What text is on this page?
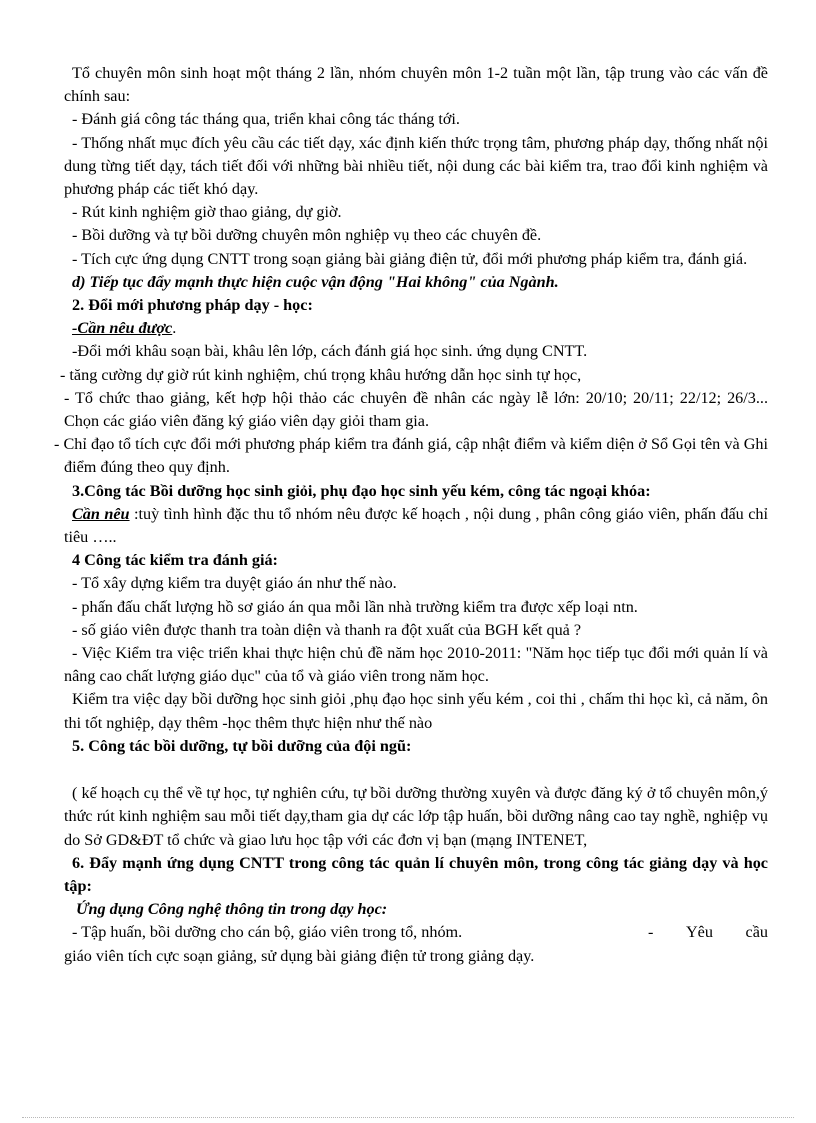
Tổ chuyên môn sinh hoạt một tháng 2 lần, nhóm chuyên môn 1-2 tuần một lần, tập trung vào các vấn đề chính sau:

- Đánh giá công tác tháng qua, triển khai công tác tháng tới.

- Thống nhất mục đích yêu cầu các tiết dạy, xác định kiến thức trọng tâm, phương pháp dạy, thống nhất nội dung từng tiết dạy, tách tiết đối với những bài nhiều tiết, nội dung các bài kiểm tra, trao đổi kinh nghiệm và phương pháp các tiết khó dạy.

- Rút kinh nghiệm giờ thao giảng, dự giờ.

- Bồi dưỡng và tự bồi dưỡng chuyên môn nghiệp vụ theo các chuyên đề.

- Tích cực ứng dụng CNTT trong soạn giảng bài giảng điện tử, đổi mới phương pháp kiểm tra, đánh giá.

d) Tiếp tục đẩy mạnh thực hiện cuộc vận động "Hai không" của Ngành.

2. Đổi mới phương pháp dạy - học:

-Cần nêu được.

-Đổi mới khâu soạn bài, khâu lên lớp, cách đánh giá học sinh. ứng dụng CNTT.

- tăng cường dự giờ rút kinh nghiệm, chú trọng khâu hướng dẫn học sinh tự học,

- Tổ chức thao giảng, kết hợp hội thảo các chuyên đề nhân các ngày lễ lớn: 20/10; 20/11; 22/12; 26/3... Chọn các giáo viên đăng ký giáo viên dạy giỏi tham gia.

- Chỉ đạo tổ tích cực đổi mới phương pháp kiểm tra đánh giá, cập nhật điểm và kiểm diện ở Sổ Gọi tên và Ghi điểm đúng theo quy định.

3.Công tác Bồi dưỡng học sinh giỏi, phụ đạo học sinh yếu kém, công tác ngoại khóa:

Cần nêu :tuỳ tình hình đặc thu tổ nhóm nêu được kế hoạch , nội dung , phân công giáo viên, phấn đấu chỉ tiêu …..

4 Công tác kiểm tra đánh giá:

- Tổ xây dựng kiểm tra duyệt giáo án như thế nào.

- phấn đấu chất lượng hồ sơ giáo án qua mỗi lần nhà trường kiểm tra được xếp loại ntn.

- số giáo viên được thanh tra toàn diện và thanh ra đột xuất của BGH kết quả ?

- Việc Kiểm tra việc triển khai thực hiện chủ đề năm học 2010-2011: "Năm học tiếp tục đổi mới quản lí và nâng cao chất lượng giáo dục" của tổ và giáo viên trong năm học.

Kiểm tra việc dạy bồi dưỡng học sinh giỏi ,phụ đạo học sinh yếu kém , coi thi , chấm thi học kì, cả năm, ôn thi tốt nghiệp, dạy thêm -học thêm thực hiện như thế nào

5. Công tác bồi dưỡng, tự bồi dưỡng của đội ngũ:

( kế hoạch cụ thể về tự học, tự nghiên cứu, tự bồi dưỡng thường xuyên và được đăng ký ở tổ chuyên môn,ý thức rút kinh nghiệm sau mỗi tiết dạy,tham gia dự các lớp tập huấn, bồi dưỡng nâng cao tay nghề, nghiệp vụ do Sở GD&ĐT tổ chức và giao lưu học tập với các đơn vị bạn (mạng INTENET,

6. Đẩy mạnh ứng dụng CNTT trong công tác quản lí chuyên môn, trong công tác giảng dạy và học tập:

Ứng dụng Công nghệ thông tin trong dạy học:

- Tập huấn, bồi dưỡng cho cán bộ, giáo viên trong tổ, nhóm.	- Yêu cầu

giáo viên tích cực soạn giảng, sử dụng bài giảng điện tử trong giảng dạy.
